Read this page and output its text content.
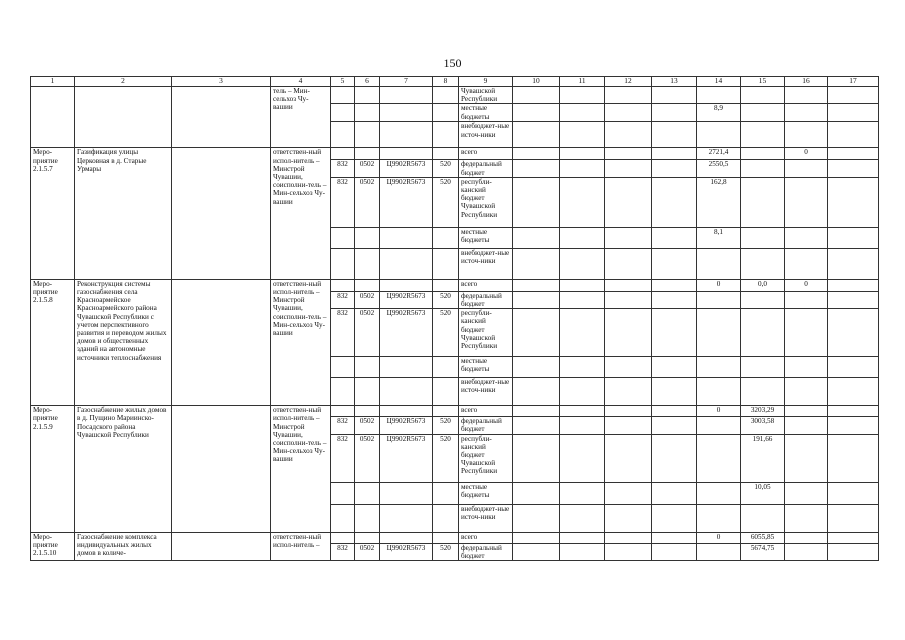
150
1	2	3	4	5	6	7	8	9	10	11	12	13	14	15	16	17
			тель – Мин-сельхоз Чу-вашии					Чувашской Республики								
								местные бюджеты					8,9			
								внебюджет-ные источ-ники								
Меро-приятие 2.1.5.7	Газификация улицы Церковная в д. Старые Урмары		ответствен-ный испол-нитель – Минстрой Чувашии, соисполни-тель – Мин-сельхоз Чу-вашии					всего					2721,4		0	
				832	0502	Ц9902R5673	520	федеральный бюджет					2550,5			
				832	0502	Ц9902R5673	520	республи-канский бюджет Чувашской Республики					162,8			
								местные бюджеты					8,1			
								внебюджет-ные источ-ники								
Меро-приятие 2.1.5.8	Реконструкция системы газоснабжения села Красноармейское Красноармейского района Чувашской Республики с учетом перспективного развития и переводом жилых домов и общественных зданий на автономные источники теплоснабжения		ответствен-ный испол-нитель – Минстрой Чувашии, соисполни-тель – Мин-сельхоз Чу-вашии					всего					0	0,0	0	
				832	0502	Ц9902R5673	520	федеральный бюджет								
				832	0502	Ц9902R5673	520	республи-канский бюджет Чувашской Республики								
								местные бюджеты								
								внебюджет-ные источ-ники								
Меро-приятие 2.1.5.9	Газоснабжение жилых домов в д. Пущино Мариинско-Посадского района Чувашской Республики		ответствен-ный испол-нитель – Минстрой Чувашии, соисполни-тель – Мин-сельхоз Чу-вашии					всего					0	3203,29		
				832	0502	Ц9902R5673	520	федеральный бюджет						3003,58		
				832	0502	Ц9902R5673	520	республи-канский бюджет Чувашской Республики						191,66		
								местные бюджеты						10,05		
								внебюджет-ные источ-ники								
Меро-приятие 2.1.5.10	Газоснабжение комплекса индивидуальных жилых домов в количе-		ответствен-ный испол-нитель –					всего					0	6055,85		
				832	0502	Ц9902R5673	520	федеральный бюджет						5674,75		
